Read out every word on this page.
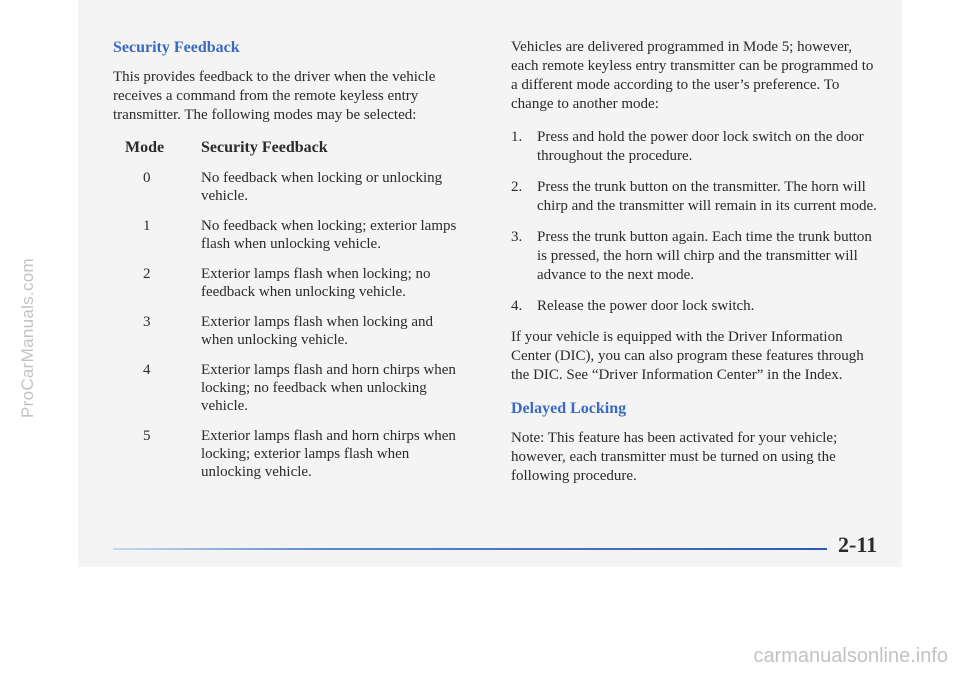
ProCarManuals.com
Security Feedback

This provides feedback to the driver when the vehicle receives a command from the remote keyless entry transmitter. The following modes may be selected:

Mode	Security Feedback
0	No feedback when locking or unlocking vehicle.
1	No feedback when locking; exterior lamps flash when unlocking vehicle.
2	Exterior lamps flash when locking; no feedback when unlocking vehicle.
3	Exterior lamps flash when locking and when unlocking vehicle.
4	Exterior lamps flash and horn chirps when locking; no feedback when unlocking vehicle.
5	Exterior lamps flash and horn chirps when locking; exterior lamps flash when unlocking vehicle.

Vehicles are delivered programmed in Mode 5; however, each remote keyless entry transmitter can be programmed to a different mode according to the user’s preference. To change to another mode:

1. Press and hold the power door lock switch on the door throughout the procedure.
2. Press the trunk button on the transmitter. The horn will chirp and the transmitter will remain in its current mode.
3. Press the trunk button again. Each time the trunk button is pressed, the horn will chirp and the transmitter will advance to the next mode.
4. Release the power door lock switch.

If your vehicle is equipped with the Driver Information Center (DIC), you can also program these features through the DIC. See “Driver Information Center” in the Index.

Delayed Locking

Note: This feature has been activated for your vehicle; however, each transmitter must be turned on using the following procedure.

2-11
carmanualsonline.info
